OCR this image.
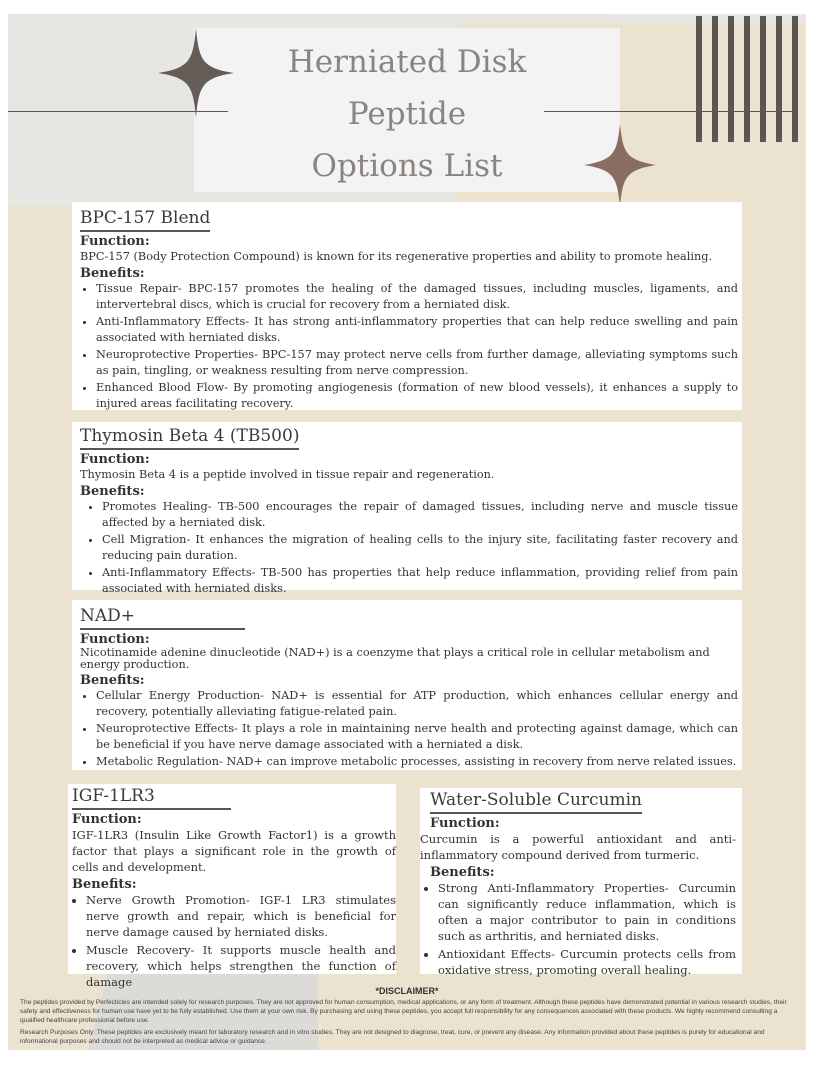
Herniated Disk
Peptide
Options List
BPC-157 Blend
Function:

BPC-157 (Body Protection Compound) is known for its regenerative properties and ability to promote healing.

Benefits:
• Tissue Repair- BPC-157 promotes the healing of the damaged tissues, including muscles, ligaments, and intervertebral discs, which is crucial for recovery from a herniated disk.
• Anti-Inflammatory Effects- It has strong anti-inflammatory properties that can help reduce swelling and pain associated with herniated disks.
• Neuroprotective Properties- BPC-157 may protect nerve cells from further damage, alleviating symptoms such as pain, tingling, or weakness resulting from nerve compression.
• Enhanced Blood Flow- By promoting angiogenesis (formation of new blood vessels), it enhances a supply to injured areas facilitating recovery.
Thymosin Beta 4 (TB500)
Function:

Thymosin Beta 4 is a peptide involved in tissue repair and regeneration.

Benefits:
• Promotes Healing- TB-500 encourages the repair of damaged tissues, including nerve and muscle tissue affected by a herniated disk.
• Cell Migration- It enhances the migration of healing cells to the injury site, facilitating faster recovery and reducing pain duration.
• Anti-Inflammatory Effects- TB-500 has properties that help reduce inflammation, providing relief from pain associated with herniated disks.
NAD+
Function:

Nicotinamide adenine dinucleotide (NAD+) is a coenzyme that plays a critical role in cellular metabolism and energy production.

Benefits:
• Cellular Energy Production- NAD+ is essential for ATP production, which enhances cellular energy and recovery, potentially alleviating fatigue-related pain.
• Neuroprotective Effects- It plays a role in maintaining nerve health and protecting against damage, which can be beneficial if you have nerve damage associated with a herniated a disk.
• Metabolic Regulation- NAD+ can improve metabolic processes, assisting in recovery from nerve related issues.
IGF-1LR3
Function:

IGF-1LR3 (Insulin Like Growth Factor1) is a growth factor that plays a significant role in the growth of cells and development.

Benefits:
• Nerve Growth Promotion- IGF-1 LR3 stimulates nerve growth and repair, which is beneficial for nerve damage caused by herniated disks.
• Muscle Recovery- It supports muscle health and recovery, which helps strengthen the function of damage
Water-Soluble Curcumin
Function:

Curcumin is a powerful antioxidant and anti-inflammatory compound derived from turmeric.

Benefits:
• Strong Anti-Inflammatory Properties- Curcumin can significantly reduce inflammation, which is often a major contributor to pain in conditions such as arthritis, and herniated disks.
• Antioxidant Effects- Curcumin protects cells from oxidative stress, promoting overall healing.
*DISCLAIMER*
The peptides provided by Perfecticles are intended solely for research purposes. They are not approved for human consumption, medical applications, or any form of treatment. Although these peptides have demonstrated potential in various research studies, their safety and effectiveness for human use have yet to be fully established. Use them at your own risk. By purchasing and using these peptides, you accept full responsibility for any consequences associated with these products. We highly recommend consulting a qualified healthcare professional before use.
Research Purposes Only: These peptides are exclusively meant for laboratory research and in vitro studies. They are not designed to diagnose, treat, cure, or prevent any disease. Any information provided about these peptides is purely for educational and informational purposes and should not be interpreted as medical advice or guidance.
